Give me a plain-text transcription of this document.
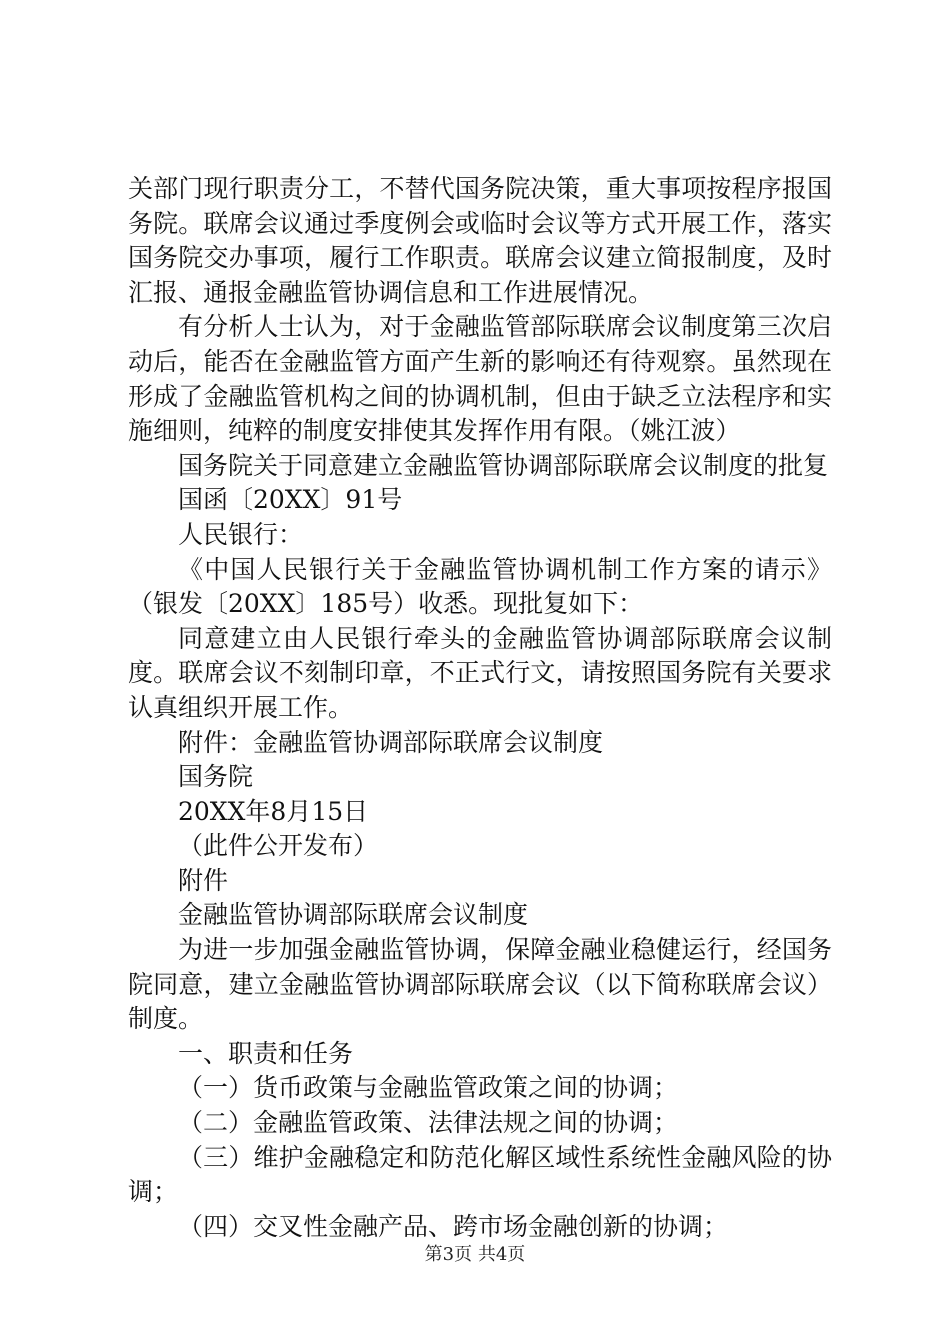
关部门现行职责分工，不替代国务院决策，重大事项按程序报国务院。联席会议通过季度例会或临时会议等方式开展工作，落实国务院交办事项，履行工作职责。联席会议建立简报制度，及时汇报、通报金融监管协调信息和工作进展情况。

有分析人士认为，对于金融监管部际联席会议制度第三次启动后，能否在金融监管方面产生新的影响还有待观察。虽然现在形成了金融监管机构之间的协调机制，但由于缺乏立法程序和实施细则，纯粹的制度安排使其发挥作用有限。（姚江波）

国务院关于同意建立金融监管协调部际联席会议制度的批复

国函〔20XX〕91号

人民银行：

《中国人民银行关于金融监管协调机制工作方案的请示》（银发〔20XX〕185号）收悉。现批复如下：

同意建立由人民银行牵头的金融监管协调部际联席会议制度。联席会议不刻制印章，不正式行文，请按照国务院有关要求认真组织开展工作。

附件：金融监管协调部际联席会议制度

国务院

20XX年8月15日

（此件公开发布）

附件

金融监管协调部际联席会议制度

为进一步加强金融监管协调，保障金融业稳健运行，经国务院同意，建立金融监管协调部际联席会议（以下简称联席会议）制度。

一、职责和任务

（一）货币政策与金融监管政策之间的协调；

（二）金融监管政策、法律法规之间的协调；

（三）维护金融稳定和防范化解区域性系统性金融风险的协调；

（四）交叉性金融产品、跨市场金融创新的协调；

第3页 共4页
